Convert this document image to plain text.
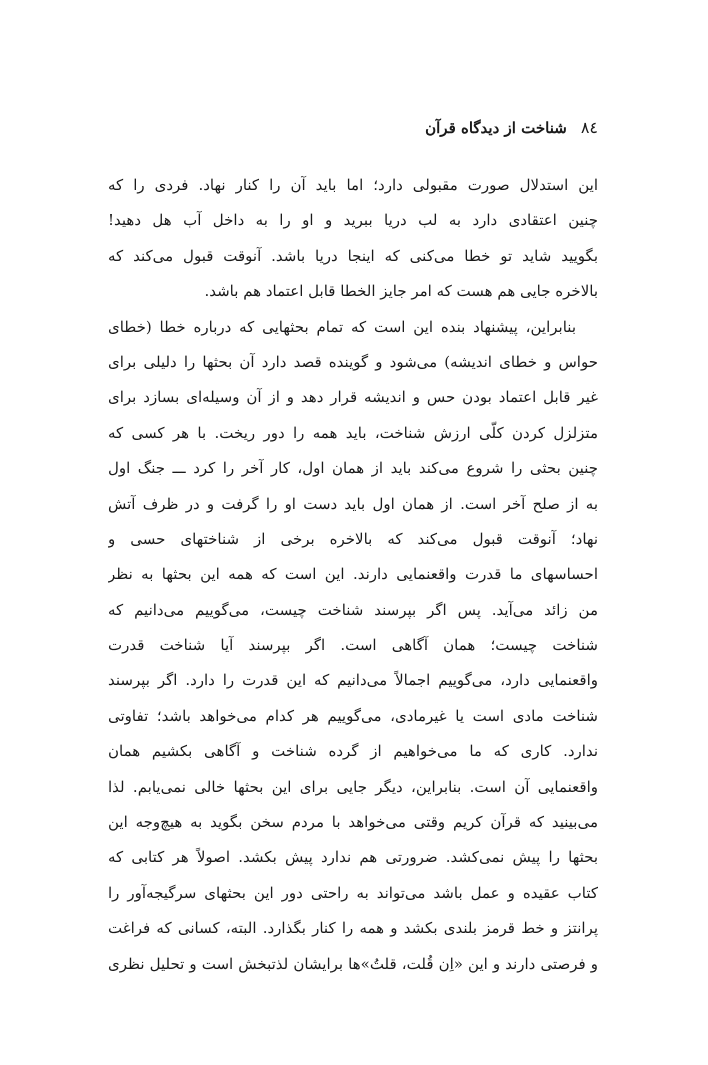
٨٤
شناخت از دیدگاه قرآن
این استدلال صورت مقبولی دارد؛ اما باید آن را کنار نهاد. فردی را که
چنین اعتقادی دارد به لب دریا ببرید و او را به داخل آب هل دهید!
بگویید شاید تو خطا می‌کنی که اینجا دریا باشد. آنوقت قبول می‌کند که
بالاخره جایی هم هست که امر جایز الخطا قابل اعتماد هم باشد.
بنابراین، پیشنهاد بنده این است که تمام بحثهایی که درباره خطا (خطای
حواس و خطای اندیشه) می‌شود و گوینده قصد دارد آن بحثها را دلیلی برای
غیر قابل اعتماد بودن حس و اندیشه قرار دهد و از آن وسیله‌ای بسازد برای
متزلزل کردن کلّی ارزش شناخت، باید همه را دور ریخت. با هر کسی که
چنین بحثی را شروع می‌کند باید از همان اول، کار آخر را کرد ـــ جنگ اول
به از صلح آخر است. از همان اول باید دست او را گرفت و در ظرف آتش
نهاد؛ آنوقت قبول می‌کند که بالاخره برخی از شناختهای حسی و
احساسهای ما قدرت واقعنمایی دارند. این است که همه این بحثها به نظر
من زائد می‌آید. پس اگر بپرسند شناخت چیست، می‌گوییم می‌دانیم که
شناخت چیست؛ همان آگاهی است. اگر بپرسند آیا شناخت قدرت
واقعنمایی دارد، می‌گوییم اجمالاً می‌دانیم که این قدرت را دارد. اگر بپرسند
شناخت مادی است یا غیرمادی، می‌گوییم هر کدام می‌خواهد باشد؛ تفاوتی
ندارد. کاری که ما می‌خواهیم از گرده شناخت و آگاهی بکشیم همان
واقعنمایی آن است. بنابراین، دیگر جایی برای این بحثها خالی نمی‌یابم. لذا
می‌بینید که قرآن کریم وقتی می‌خواهد با مردم سخن بگوید به هیچ‌وجه این
بحثها را پیش نمی‌کشد. ضرورتی هم ندارد پیش بکشد. اصولاً هر کتابی که
کتاب عقیده و عمل باشد می‌تواند به راحتی دور این بحثهای سرگیجه‌آور را
پرانتز و خط قرمز بلندی بکشد و همه را کنار بگذارد. البته، کسانی که فراغت
و فرصتی دارند و این «اِن قُلت، قلتُ»ها برایشان لذتبخش است و تحلیل نظری
